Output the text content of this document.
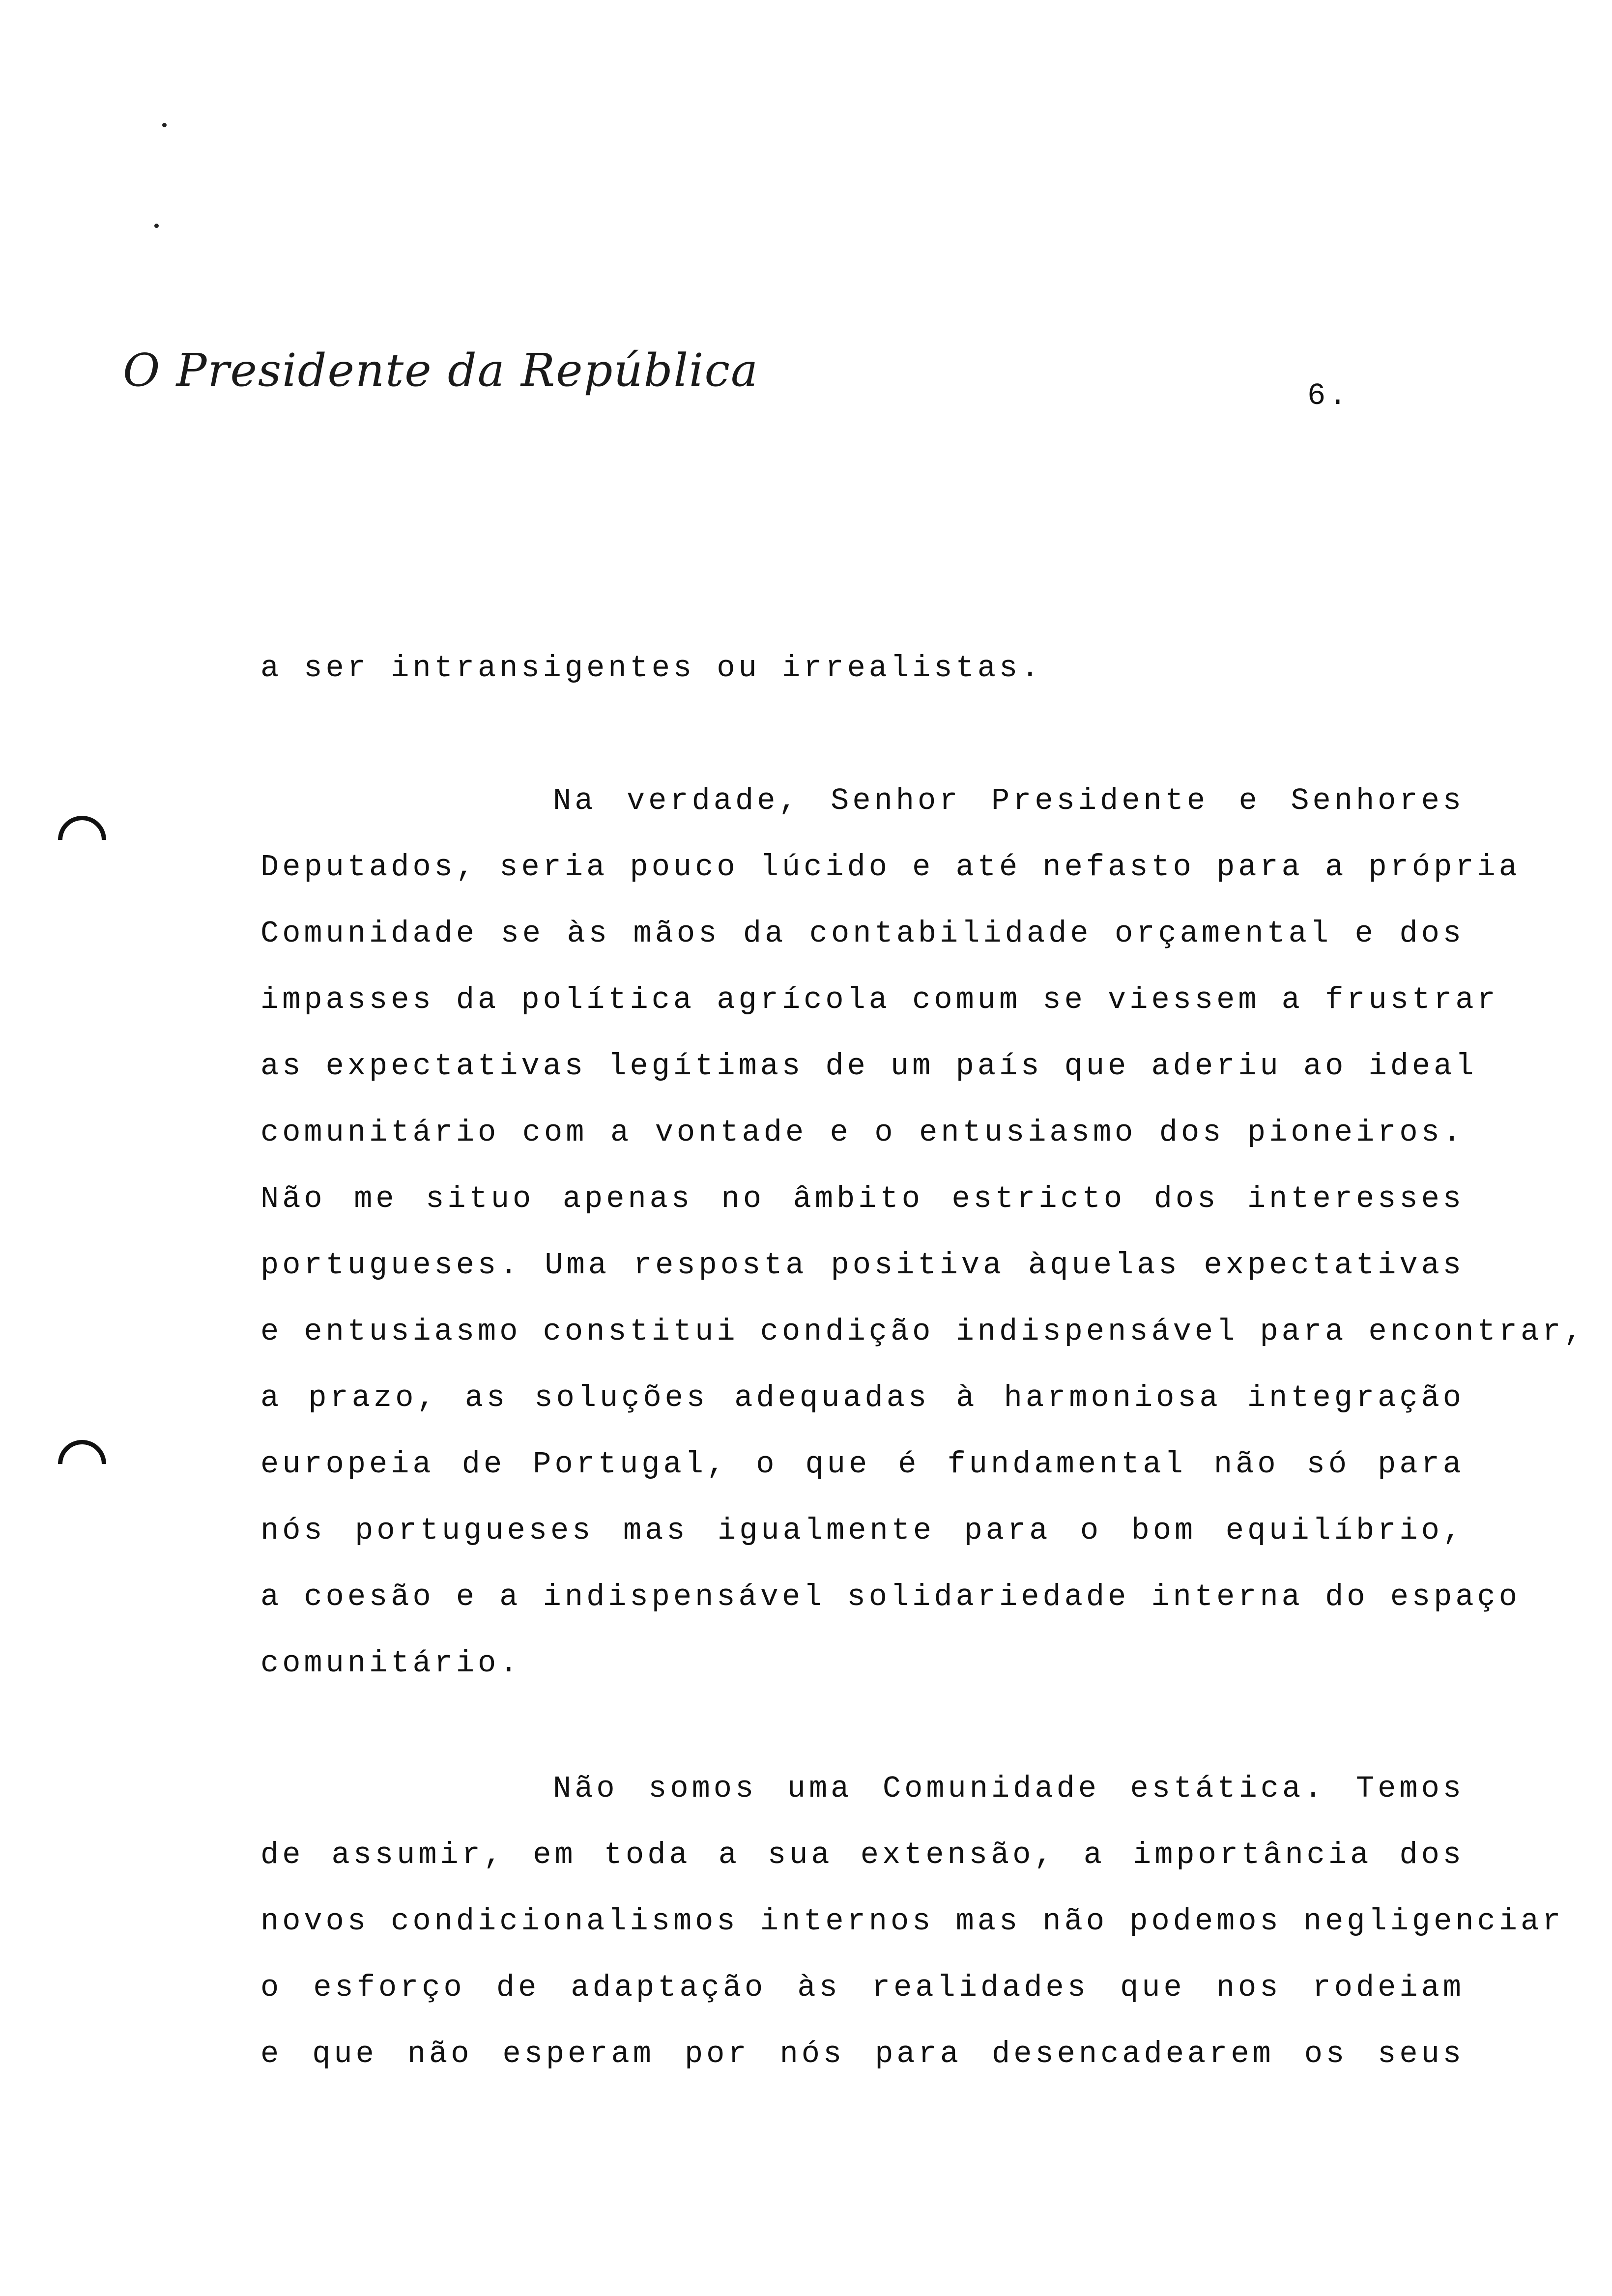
O Presidente da República	6.
a ser intransigentes ou irrealistas.
Na verdade, Senhor Presidente e Senhores
Deputados, seria pouco lúcido e até nefasto para a própria
Comunidade se às mãos da contabilidade orçamental e dos
impasses da política agrícola comum se viessem a frustrar
as expectativas legítimas de um país que aderiu ao ideal
comunitário com a vontade e o entusiasmo dos pioneiros.
Não me situo apenas no âmbito estricto dos interesses
portugueses. Uma resposta positiva àquelas expectativas
e entusiasmo constitui condição indispensável para encontrar,
a prazo, as soluções adequadas à harmoniosa integração
europeia de Portugal, o que é fundamental não só para
nós portugueses mas igualmente para o bom equilíbrio,
a coesão e a indispensável solidariedade interna do espaço
comunitário.
Não somos uma Comunidade estática. Temos
de assumir, em toda a sua extensão, a importância dos
novos condicionalismos internos mas não podemos negligenciar
o esforço de adaptação às realidades que nos rodeiam
e que não esperam por nós para desencadearem os seus
